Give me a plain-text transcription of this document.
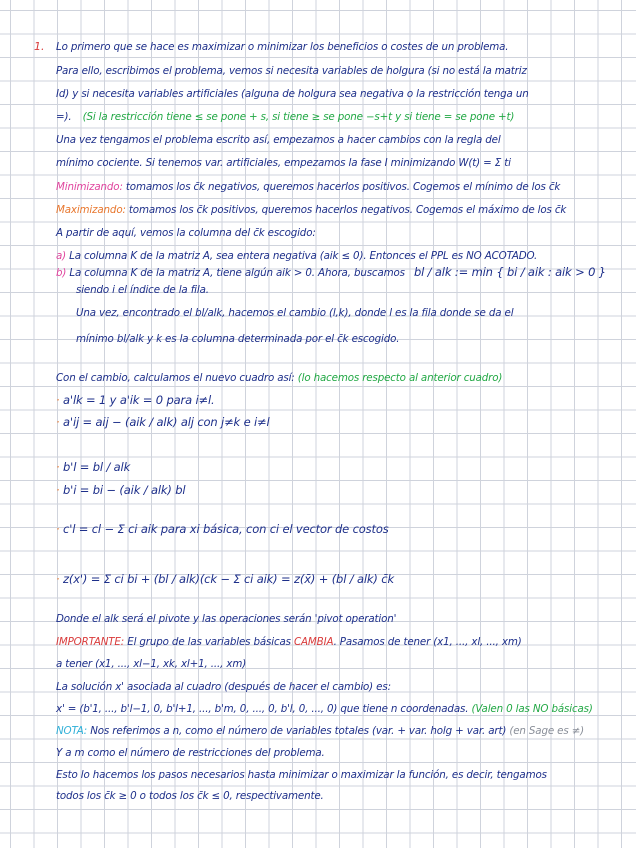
1. Lo primero que se hace es maximizar o minimizar los beneficios o costes de un problema.
Para ello, escribimos el problema, vemos si necesita variables de holgura (si no está la matriz
Id) y si necesita variables artificiales (alguna de holgura sea negativa o la restricción tenga un
=). (Si la restricción tiene ≤ se pone + s, si tiene ≥ se pone −s+t y si tiene = se pone +t)
Una vez tengamos el problema escrito así, empezamos a hacer cambios con la regla del
mínimo cociente. Si tenemos var. artificiales, empezamos la fase I minimizando W(t) = Σ ti
Minimizando: tomamos los c̄k negativos, queremos hacerlos positivos. Cogemos el mínimo de los c̄k
Maximizando: tomamos los c̄k positivos, queremos hacerlos negativos. Cogemos el máximo de los c̄k
A partir de aquí, vemos la columna del c̄k escogido:
a) La columna K de la matriz A, sea entera negativa (aik ≤ 0). Entonces el PPL es NO ACOTADO.
b) La columna K de la matriz A, tiene algún aik > 0. Ahora, buscamos bl / alk := min { bi / aik : aik > 0 }
siendo i el índice de la fila.
Una vez, encontrado el bl/alk, hacemos el cambio (l,k), donde l es la fila donde se da el
mínimo bl/alk y k es la columna determinada por el c̄k escogido.
Con el cambio, calculamos el nuevo cuadro así: (lo hacemos respecto al anterior cuadro)
· a'lk = 1 y a'ik = 0 para i≠l.
· a'ij = aij − (aik / alk) alj con j≠k e i≠l
· b'l = bl / alk
· b'i = bi − (aik / alk) bl
· c'l = cl − Σ ci aik para xi básica, con ci el vector de costos
· z(x') = Σ ci bi + (bl / alk)(ck − Σ ci aik) = z(x̄) + (bl / alk) c̄k
Donde el alk será el pivote y las operaciones serán 'pivot operation'
IMPORTANTE: El grupo de las variables básicas CAMBIA. Pasamos de tener (x1, ..., xl, ..., xm)
a tener (x1, ..., xl−1, xk, xl+1, ..., xm)
La solución x' asociada al cuadro (después de hacer el cambio) es:
x' = (b'1, ..., b'l−1, 0, b'l+1, ..., b'm, 0, ..., 0, b'l, 0, ..., 0) que tiene n coordenadas. (Valen 0 las NO básicas)
NOTA: Nos referimos a n, como el número de variables totales (var. + var. holg + var. art) (en Sage es ≠)
Y a m como el número de restricciones del problema.
Esto lo hacemos los pasos necesarios hasta minimizar o maximizar la función, es decir, tengamos
todos los c̄k ≥ 0 o todos los c̄k ≤ 0, respectivamente.
